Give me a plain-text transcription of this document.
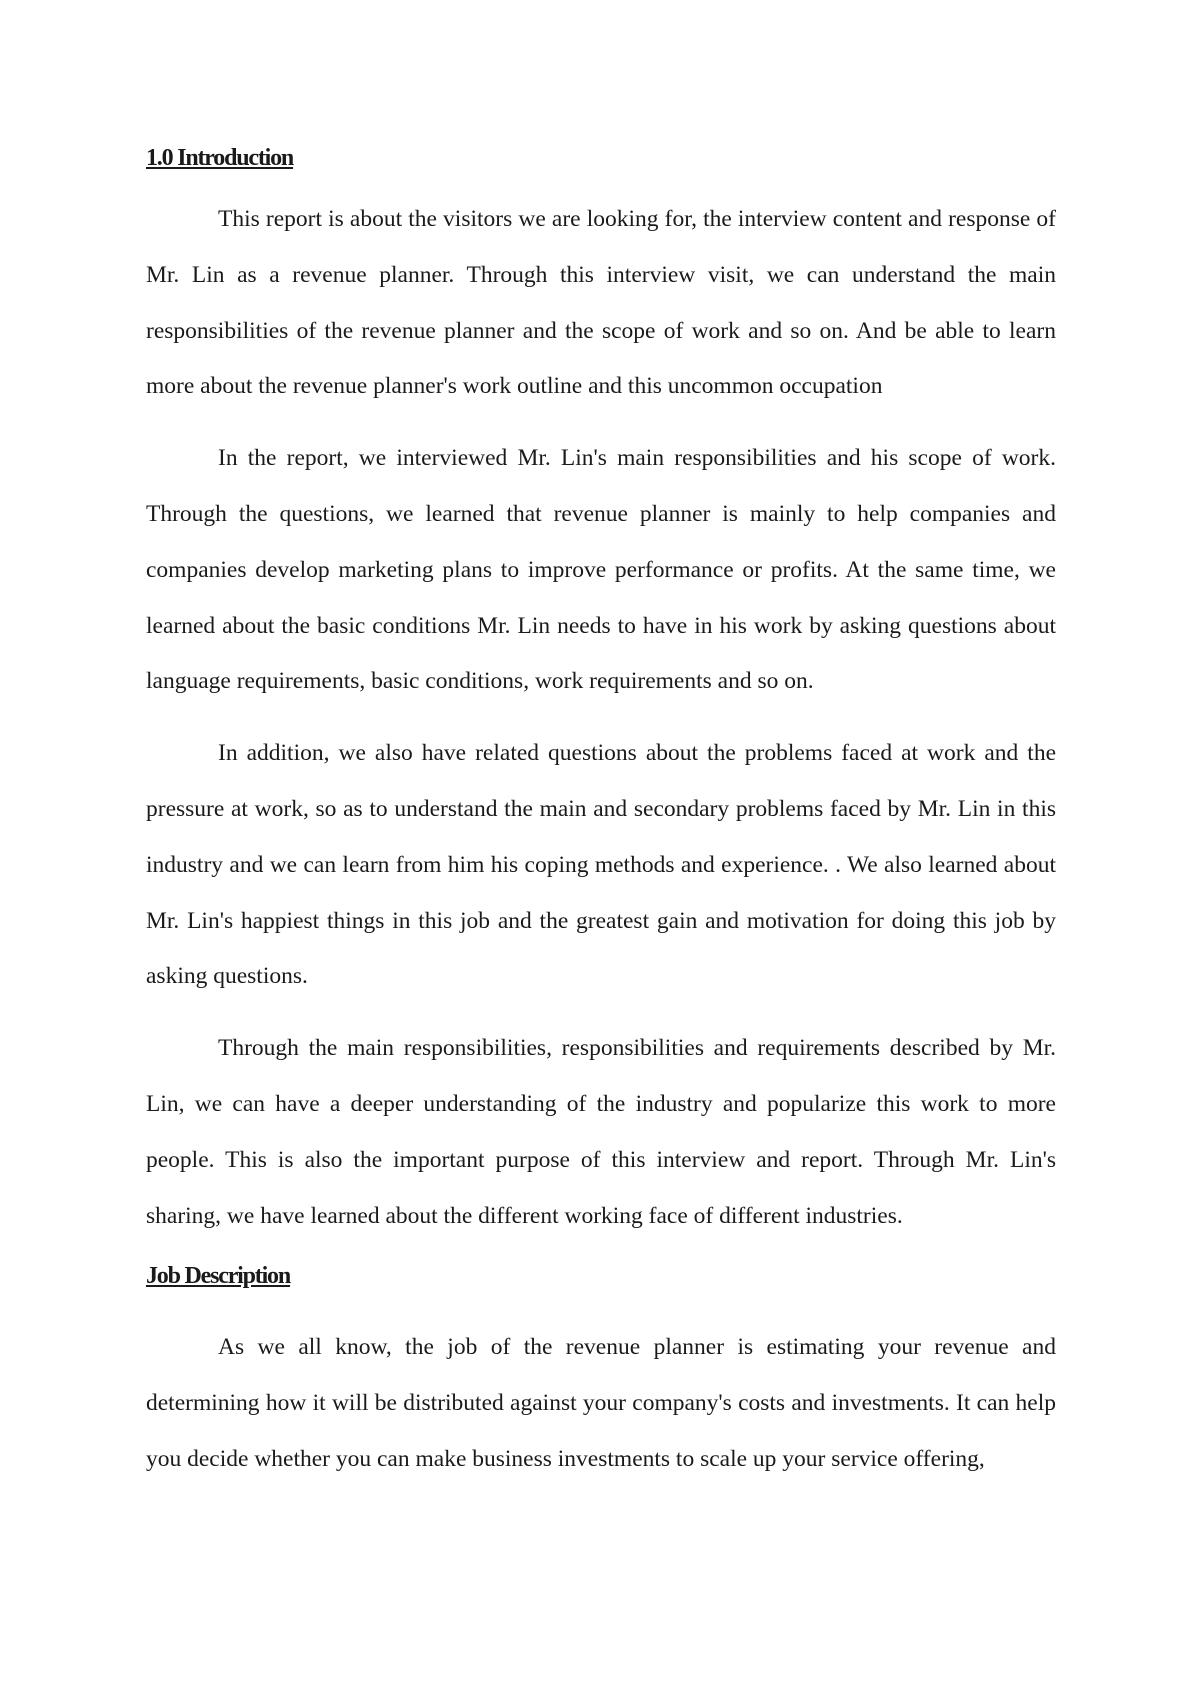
1.0 Introduction

This report is about the visitors we are looking for, the interview content and response of Mr. Lin as a revenue planner. Through this interview visit, we can understand the main responsibilities of the revenue planner and the scope of work and so on. And be able to learn more about the revenue planner's work outline and this uncommon occupation

In the report, we interviewed Mr. Lin's main responsibilities and his scope of work. Through the questions, we learned that revenue planner is mainly to help companies and companies develop marketing plans to improve performance or profits. At the same time, we learned about the basic conditions Mr. Lin needs to have in his work by asking questions about language requirements, basic conditions, work requirements and so on.

In addition, we also have related questions about the problems faced at work and the pressure at work, so as to understand the main and secondary problems faced by Mr. Lin in this industry and we can learn from him his coping methods and experience. . We also learned about Mr. Lin's happiest things in this job and the greatest gain and motivation for doing this job by asking questions.

Through the main responsibilities, responsibilities and requirements described by Mr. Lin, we can have a deeper understanding of the industry and popularize this work to more people. This is also the important purpose of this interview and report. Through Mr. Lin's sharing, we have learned about the different working face of different industries.

Job Description

As we all know, the job of the revenue planner is estimating your revenue and determining how it will be distributed against your company's costs and investments. It can help you decide whether you can make business investments to scale up your service offering,
